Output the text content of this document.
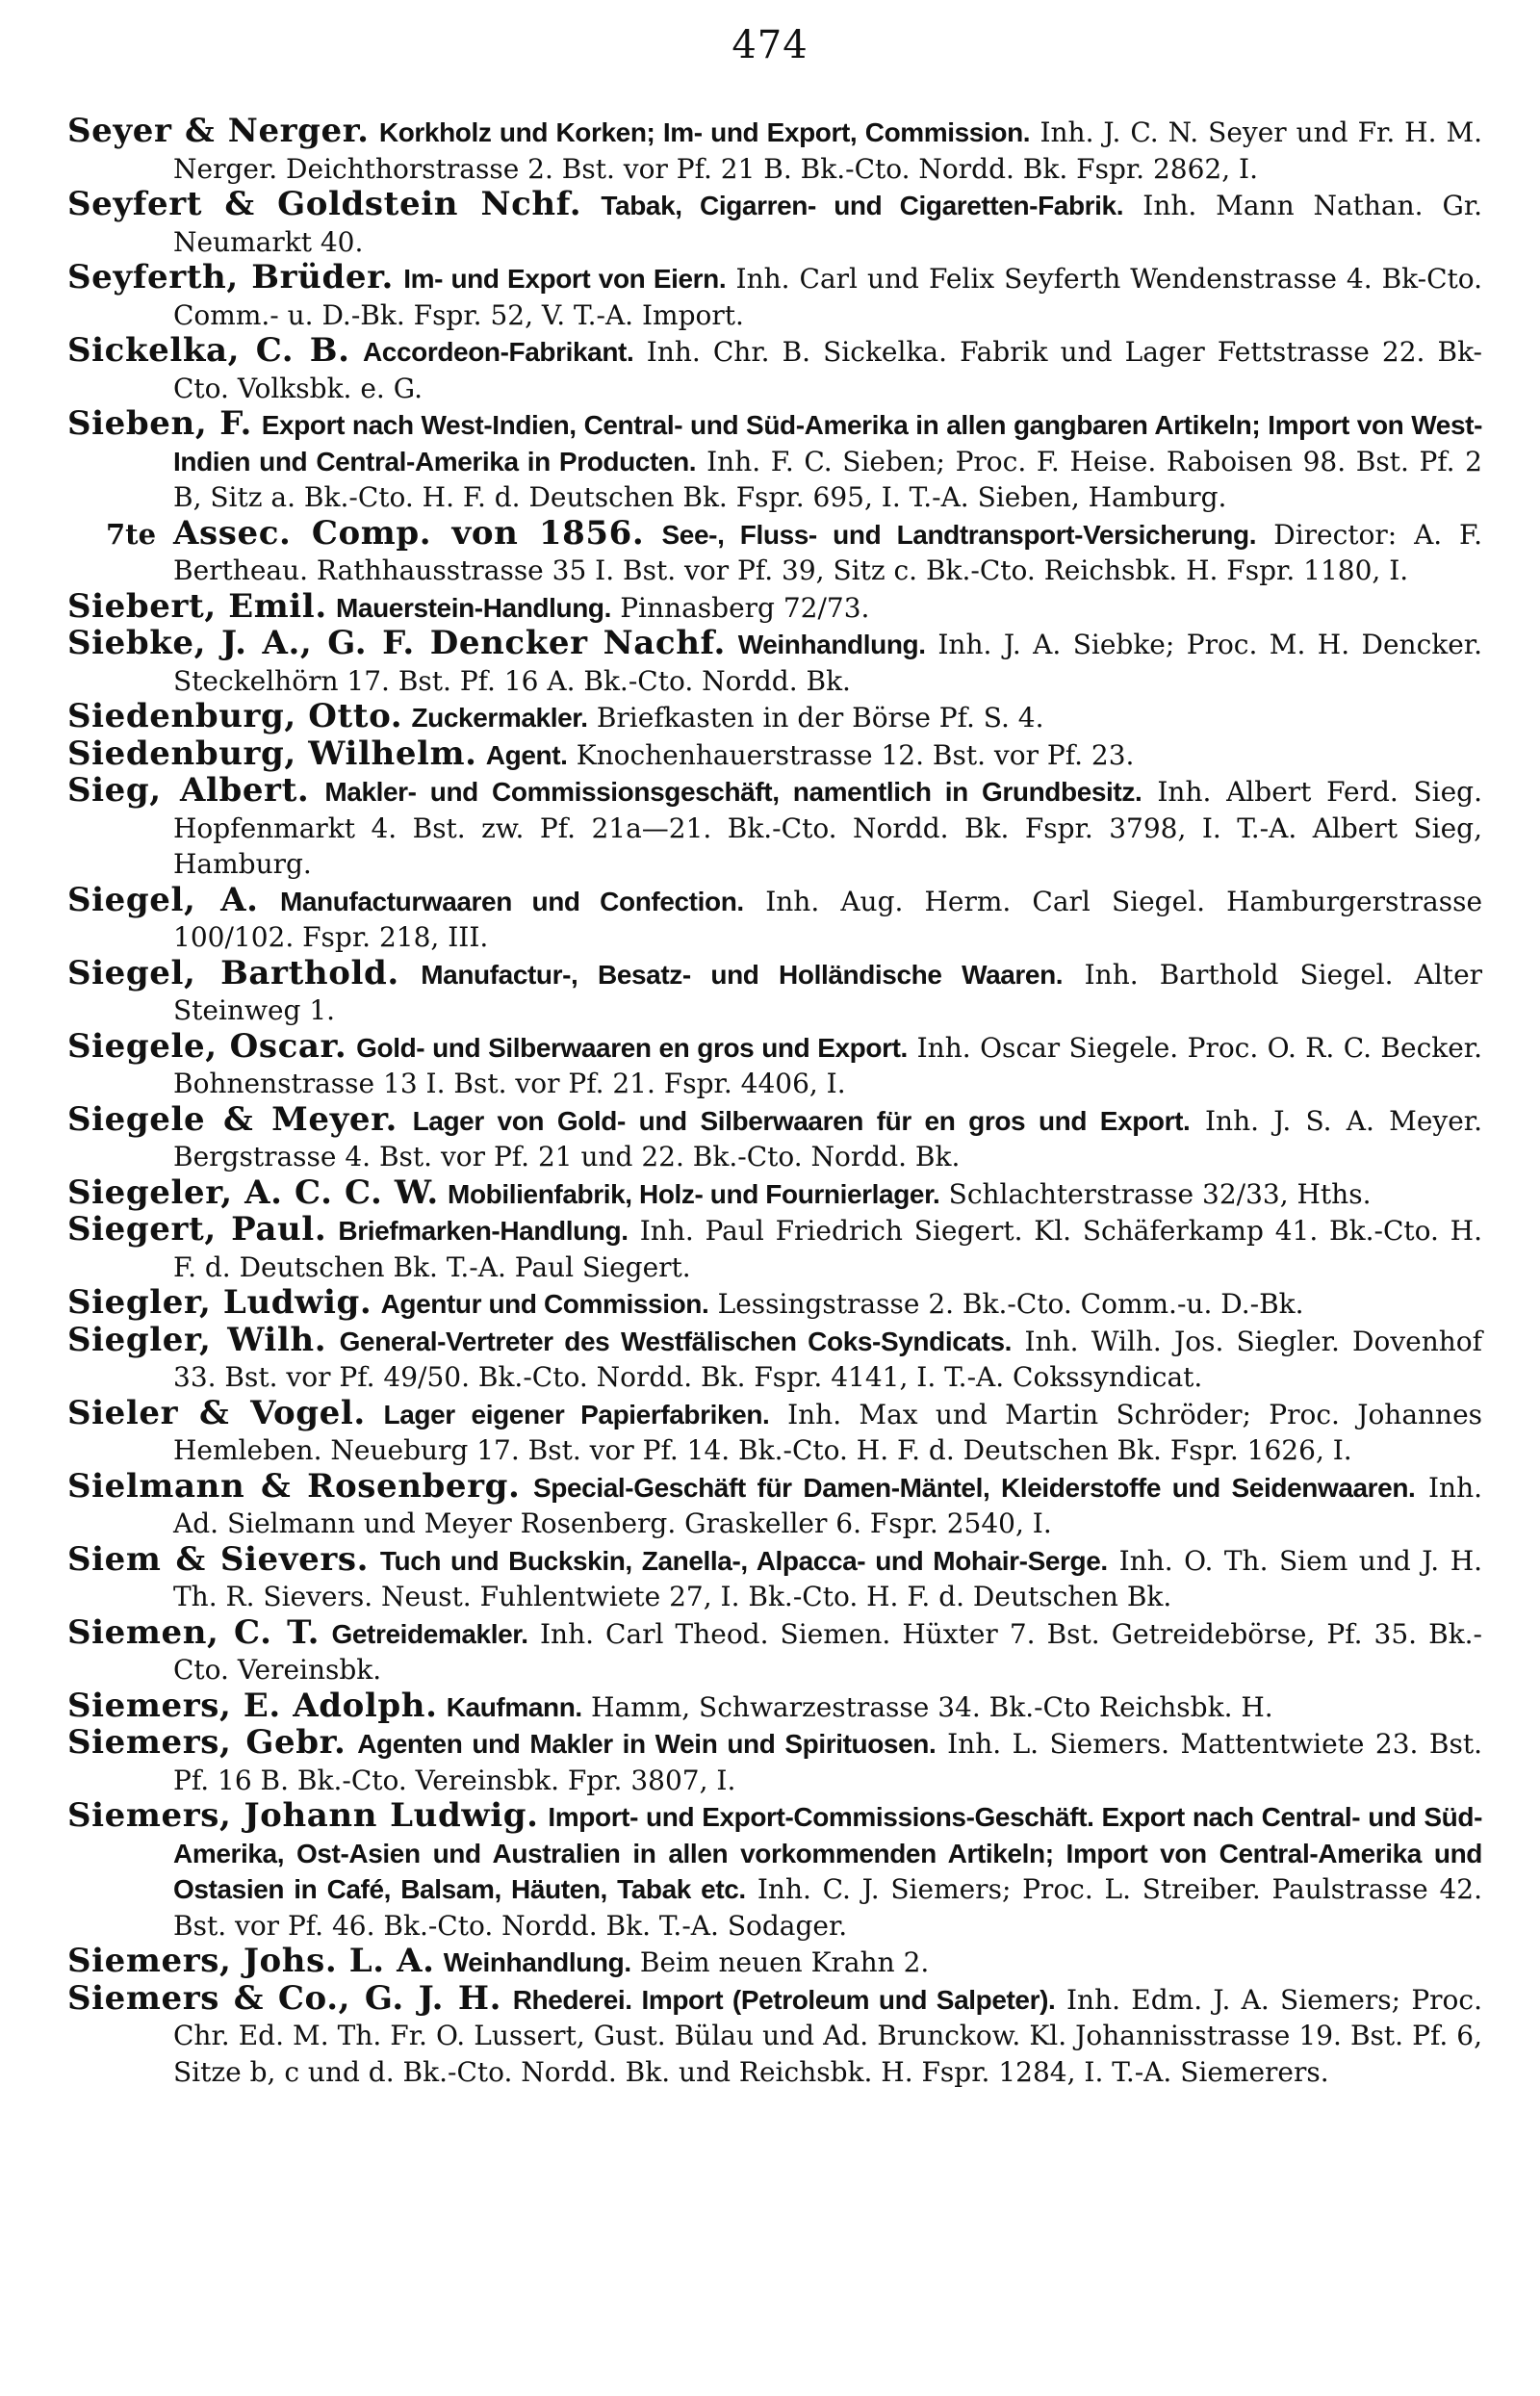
474

Seyer & Nerger. Korkholz und Korken; Im- und Export, Commission. Inh. J. C. N. Seyer und Fr. H. M. Nerger. Deichthorstrasse 2. Bst. vor Pf. 21 B. Bk.-Cto. Nordd. Bk. Fspr. 2862, I.

Seyfert & Goldstein Nchf. Tabak, Cigarren- und Cigaretten-Fabrik. Inh. Mann Nathan. Gr. Neumarkt 40.

Seyferth, Brüder. Im- und Export von Eiern. Inh. Carl und Felix Seyferth Wendenstrasse 4. Bk-Cto. Comm.- u. D.-Bk. Fspr. 52, V. T.-A. Import.

Sickelka, C. B. Accordeon-Fabrikant. Inh. Chr. B. Sickelka. Fabrik und Lager Fettstrasse 22. Bk-Cto. Volksbk. e. G.

Sieben, F. Export nach West-Indien, Central- und Süd-Amerika in allen gangbaren Artikeln; Import von West-Indien und Central-Amerika in Producten. Inh. F. C. Sieben; Proc. F. Heise. Raboisen 98. Bst. Pf. 2 B, Sitz a. Bk.-Cto. H. F. d. Deutschen Bk. Fspr. 695, I. T.-A. Sieben, Hamburg.

7te Assec. Comp. von 1856. See-, Fluss- und Landtransport-Versicherung. Director: A. F. Bertheau. Rathhausstrasse 35 I. Bst. vor Pf. 39, Sitz c. Bk.-Cto. Reichsbk. H. Fspr. 1180, I.

Siebert, Emil. Mauerstein-Handlung. Pinnasberg 72/73.

Siebke, J. A., G. F. Dencker Nachf. Weinhandlung. Inh. J. A. Siebke; Proc. M. H. Dencker. Steckelhörn 17. Bst. Pf. 16 A. Bk.-Cto. Nordd. Bk.

Siedenburg, Otto. Zuckermakler. Briefkasten in der Börse Pf. S. 4.

Siedenburg, Wilhelm. Agent. Knochenhauerstrasse 12. Bst. vor Pf. 23.

Sieg, Albert. Makler- und Commissionsgeschäft, namentlich in Grundbesitz. Inh. Albert Ferd. Sieg. Hopfenmarkt 4. Bst. zw. Pf. 21a—21. Bk.-Cto. Nordd. Bk. Fspr. 3798, I. T.-A. Albert Sieg, Hamburg.

Siegel, A. Manufacturwaaren und Confection. Inh. Aug. Herm. Carl Siegel. Hamburgerstrasse 100/102. Fspr. 218, III.

Siegel, Barthold. Manufactur-, Besatz- und Holländische Waaren. Inh. Barthold Siegel. Alter Steinweg 1.

Siegele, Oscar. Gold- und Silberwaaren en gros und Export. Inh. Oscar Siegele. Proc. O. R. C. Becker. Bohnenstrasse 13 I. Bst. vor Pf. 21. Fspr. 4406, I.

Siegele & Meyer. Lager von Gold- und Silberwaaren für en gros und Export. Inh. J. S. A. Meyer. Bergstrasse 4. Bst. vor Pf. 21 und 22. Bk.-Cto. Nordd. Bk.

Siegeler, A. C. C. W. Mobilienfabrik, Holz- und Fournierlager. Schlachterstrasse 32/33, Hths.

Siegert, Paul. Briefmarken-Handlung. Inh. Paul Friedrich Siegert. Kl. Schäferkamp 41. Bk.-Cto. H. F. d. Deutschen Bk. T.-A. Paul Siegert.

Siegler, Ludwig. Agentur und Commission. Lessingstrasse 2. Bk.-Cto. Comm.-u. D.-Bk.

Siegler, Wilh. General-Vertreter des Westfälischen Coks-Syndicats. Inh. Wilh. Jos. Siegler. Dovenhof 33. Bst. vor Pf. 49/50. Bk.-Cto. Nordd. Bk. Fspr. 4141, I. T.-A. Cokssyndicat.

Sieler & Vogel. Lager eigener Papierfabriken. Inh. Max und Martin Schröder; Proc. Johannes Hemleben. Neueburg 17. Bst. vor Pf. 14. Bk.-Cto. H. F. d. Deutschen Bk. Fspr. 1626, I.

Sielmann & Rosenberg. Special-Geschäft für Damen-Mäntel, Kleiderstoffe und Seidenwaaren. Inh. Ad. Sielmann und Meyer Rosenberg. Graskeller 6. Fspr. 2540, I.

Siem & Sievers. Tuch und Buckskin, Zanella-, Alpacca- und Mohair-Serge. Inh. O. Th. Siem und J. H. Th. R. Sievers. Neust. Fuhlentwiete 27, I. Bk.-Cto. H. F. d. Deutschen Bk.

Siemen, C. T. Getreidemakler. Inh. Carl Theod. Siemen. Hüxter 7. Bst. Getreidebörse, Pf. 35. Bk.-Cto. Vereinsbk.

Siemers, E. Adolph. Kaufmann. Hamm, Schwarzestrasse 34. Bk.-Cto Reichsbk. H.

Siemers, Gebr. Agenten und Makler in Wein und Spirituosen. Inh. L. Siemers. Mattentwiete 23. Bst. Pf. 16 B. Bk.-Cto. Vereinsbk. Fpr. 3807, I.

Siemers, Johann Ludwig. Import- und Export-Commissions-Geschäft. Export nach Central- und Süd-Amerika, Ost-Asien und Australien in allen vorkommenden Artikeln; Import von Central-Amerika und Ostasien in Café, Balsam, Häuten, Tabak etc. Inh. C. J. Siemers; Proc. L. Streiber. Paulstrasse 42. Bst. vor Pf. 46. Bk.-Cto. Nordd. Bk. T.-A. Sodager.

Siemers, Johs. L. A. Weinhandlung. Beim neuen Krahn 2.

Siemers & Co., G. J. H. Rhederei. Import (Petroleum und Salpeter). Inh. Edm. J. A. Siemers; Proc. Chr. Ed. M. Th. Fr. O. Lussert, Gust. Bülau und Ad. Brunckow. Kl. Johannisstrasse 19. Bst. Pf. 6, Sitze b, c und d. Bk.-Cto. Nordd. Bk. und Reichsbk. H. Fspr. 1284, I. T.-A. Siemerers.
